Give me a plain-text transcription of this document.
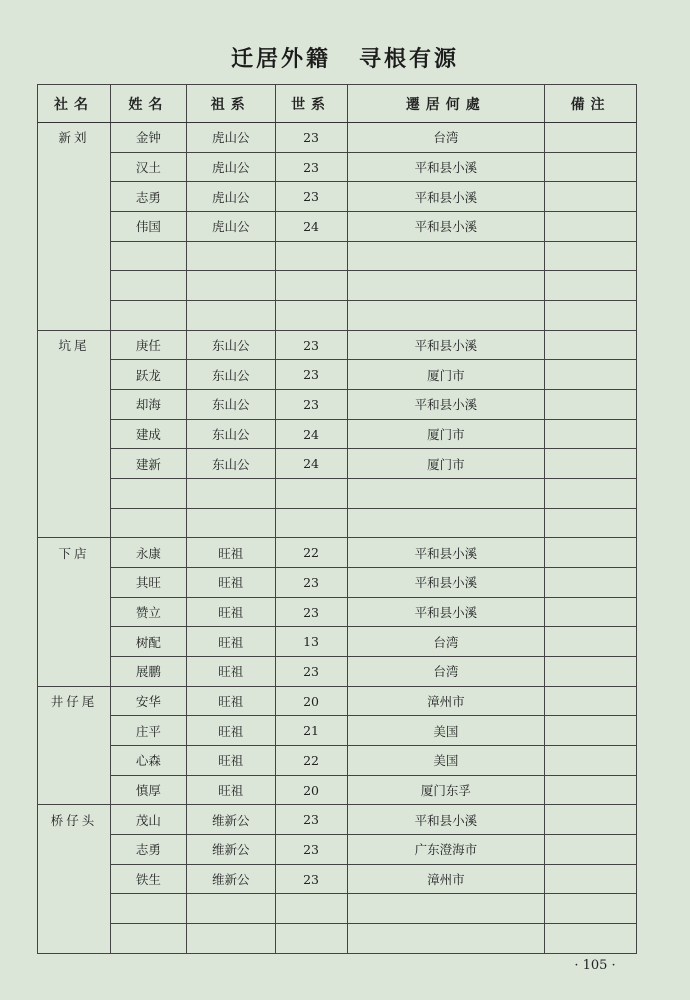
迁居外籍 寻根有源
社名	姓名	祖系	世系	遷居何處	備注
新刘	金钟	虎山公	23	台湾	
	汉土	虎山公	23	平和县小溪	
	志勇	虎山公	23	平和县小溪	
	伟国	虎山公	24	平和县小溪	

坑尾	庚任	东山公	23	平和县小溪	
	跃龙	东山公	23	厦门市	
	却海	东山公	23	平和县小溪	
	建成	东山公	24	厦门市	
	建新	东山公	24	厦门市	

下店	永康	旺祖	22	平和县小溪	
	其旺	旺祖	23	平和县小溪	
	赞立	旺祖	23	平和县小溪	
	树配	旺祖	13	台湾	
	展鹏	旺祖	23	台湾	
井仔尾	安华	旺祖	20	漳州市	
	庄平	旺祖	21	美国	
	心森	旺祖	22	美国	
	慎厚	旺祖	20	厦门东孚	
桥仔头	茂山	维新公	23	平和县小溪	
	志勇	维新公	23	广东澄海市	
	铁生	维新公	23	漳州市	

· 105 ·
